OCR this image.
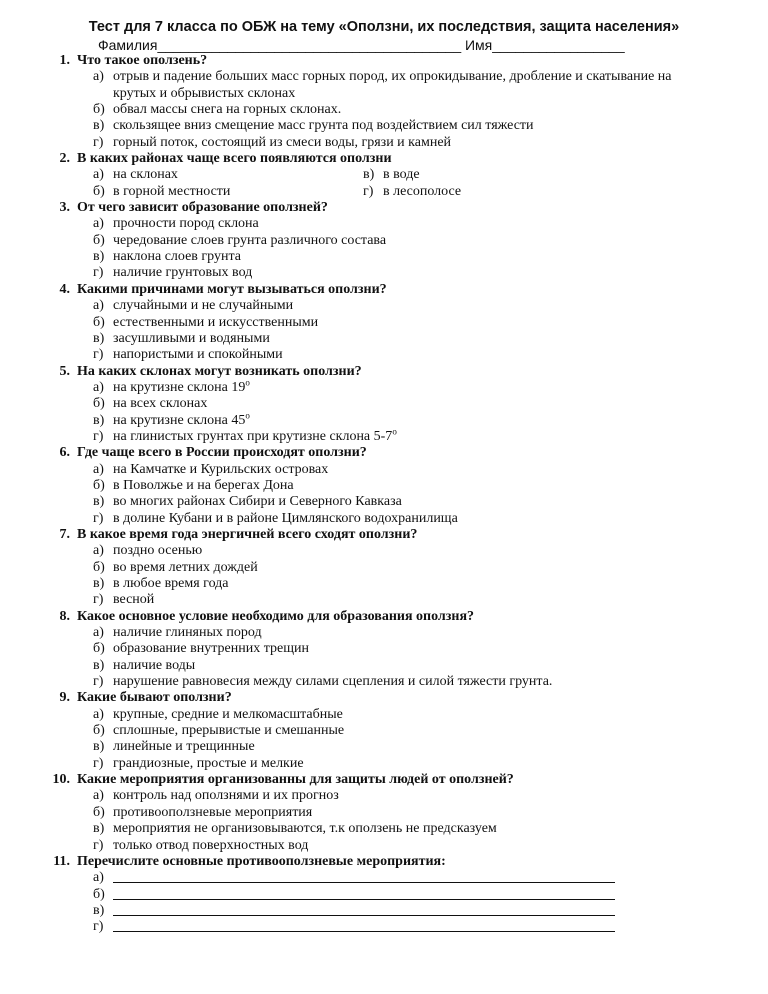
Тест для 7 класса по ОБЖ на тему «Оползни, их последствия, защита населения»
Фамилия_______________________________________ Имя_________________
1. Что такое оползень?
а) отрыв и падение больших масс горных пород, их опрокидывание, дробление и скатывание на
крутых и обрывистых склонах
б) обвал массы снега на горных склонах.
в) скользящее вниз смещение масс грунта под воздействием сил тяжести
г) горный поток, состоящий из смеси воды, грязи и камней
2. В каких районах чаще всего появляются оползни
а) на склонах	в) в воде
б) в горной местности	г) в лесополосе
3. От чего зависит образование оползней?
а) прочности пород склона
б) чередование слоев грунта различного состава
в) наклона слоев грунта
г) наличие грунтовых вод
4. Какими причинами могут вызываться оползни?
а) случайными и не случайными
б) естественными и искусственными
в) засушливыми и водяными
г) напористыми и спокойными
5. На каких склонах могут возникать оползни?
а) на крутизне склона $19^о$
б) на всех склонах
в) на крутизне склона $45^о$
г) на глинистых грунтах при крутизне склона $5-7^о$
6. Где чаще всего в России происходят оползни?
а) на Камчатке и Курильских островах
б) в Поволжье и на берегах Дона
в) во многих районах Сибири и Северного Кавказа
г) в долине Кубани и в районе Цимлянского водохранилища
7. В какое время года энергичней всего сходят оползни?
а) поздно осенью
б) во время летних дождей
в) в любое время года
г) весной
8. Какое основное условие необходимо для образования оползня?
а) наличие глиняных пород
б) образование внутренних трещин
в) наличие воды
г) нарушение равновесия между силами сцепления и силой тяжести грунта.
9. Какие бывают оползни?
а) крупные, средние и мелкомасштабные
б) сплошные, прерывистые и смешанные
в) линейные и трещинные
г) грандиозные, простые и мелкие
10. Какие мероприятия организованны для защиты людей от оползней?
а) контроль над оползнями и их прогноз
б) противооползневые мероприятия
в) мероприятия не организовываются, т.к оползень не предсказуем
г) только отвод поверхностных вод
11. Перечислите основные противооползневые мероприятия:
а)
б)
в)
г)
